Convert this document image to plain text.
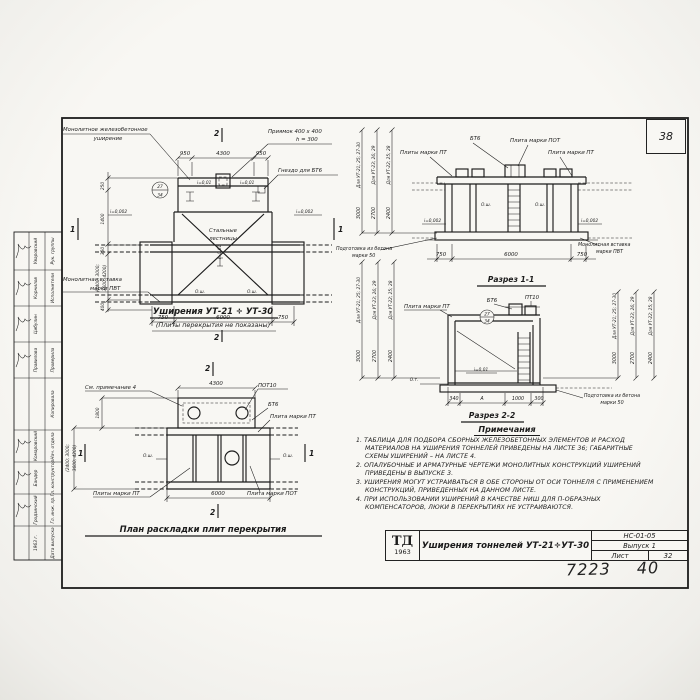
27
34
950	4300	950
750	6000	750
250
1400
350
(2400; 3000; 3600; 4200)
400
2
2
1	1
Монолитное железобетонное
уширение
Приямок 400 x 400
h = 300
Гнездо для БТ6
Стальные
лестницы
Монолитная вставка
марки ПВТ
О.ш.	О.ш.
i=0,01	i=0,01
i=0,01
i=0,002	i=0,002
Уширения УТ-21 ÷ УТ-30
(Плиты перекрытия не показаны)
Плиты марки ПТ
БТ6	Плита марки ПОТ
Плита марки ПТ
О.ш.	О.ш.
i=0,002	i=0,002
Подготовка из бетона
марки 50
Монолитная вставка
марки ПВТ
750	6000	750
Для УТ-21; 25; 27-30 Для УТ-23; 26; 29 Для УТ-22; 25; 28
3000 2700 2400
Разрез 1-1
27
34
Плита марки ПТ
БТ6	ПТ10
i=0,01
Подготовка из бетона
марки 50
О.т.
340	А	1000 300
Для УТ-21; 25; 27-30	Для УТ-23; 26; 29	Для УТ-22; 25; 28
3000 2700 2400
Для УТ-21; 25; 27-30	Для УТ-23; 26; 29	Для УТ-22; 25; 28
3000	2700	2400
Разрез 2-2
См. примечание 4	ПОТ10
БТ6
Плита марки ПТ
Плиты марки ПТ	Плита марки ПОТ
О.ш.	О.ш.
4300
6000
1800
(2400; 3000; 3600; 4200)
2
2
1	1
План раскладки плит перекрытия
Рук. группы
Уваровский
Исполнители
Корнилов
Цибулин
Проверила
Правилова
Копировала
Нач. отдела
Комаровский
Гл. конструктор
Бандер
Гл. инж. пр.
Гродзинский
Дата выпуска
1963 г.
38
Примечания

1. ТАБЛИЦА ДЛЯ ПОДБОРА СБОРНЫХ ЖЕЛЕЗОБЕТОННЫХ ЭЛЕМЕНТОВ И РАСХОД МАТЕРИАЛОВ НА УШИРЕНИЯ ТОННЕЛЕЙ ПРИВЕДЕНЫ НА ЛИСТЕ 36; ГАБАРИТНЫЕ СХЕМЫ УШИРЕНИЙ – НА ЛИСТЕ 4.

2. ОПАЛУБОЧНЫЕ И АРМАТУРНЫЕ ЧЕРТЕЖИ МОНОЛИТНЫХ КОНСТРУКЦИЙ УШИРЕНИЙ ПРИВЕДЕНЫ В ВЫПУСКЕ 3.

3. УШИРЕНИЯ МОГУТ УСТРАИВАТЬСЯ В ОБЕ СТОРОНЫ ОТ ОСИ ТОННЕЛЯ С ПРИМЕНЕНИЕМ КОНСТРУКЦИЙ, ПРИВЕДЕННЫХ НА ДАННОМ ЛИСТЕ.

4. ПРИ ИСПОЛЬЗОВАНИИ УШИРЕНИЙ В КАЧЕСТВЕ НИШ ДЛЯ П-ОБРАЗНЫХ КОМПЕНСАТОРОВ, ЛЮКИ В ПЕРЕКРЫТИЯХ НЕ УСТРАИВАЮТСЯ.

ТД
1963
Уширения тоннелей УТ-21÷УТ-30
НС-01-05
Выпуск 1
Лист	32
7223 40
